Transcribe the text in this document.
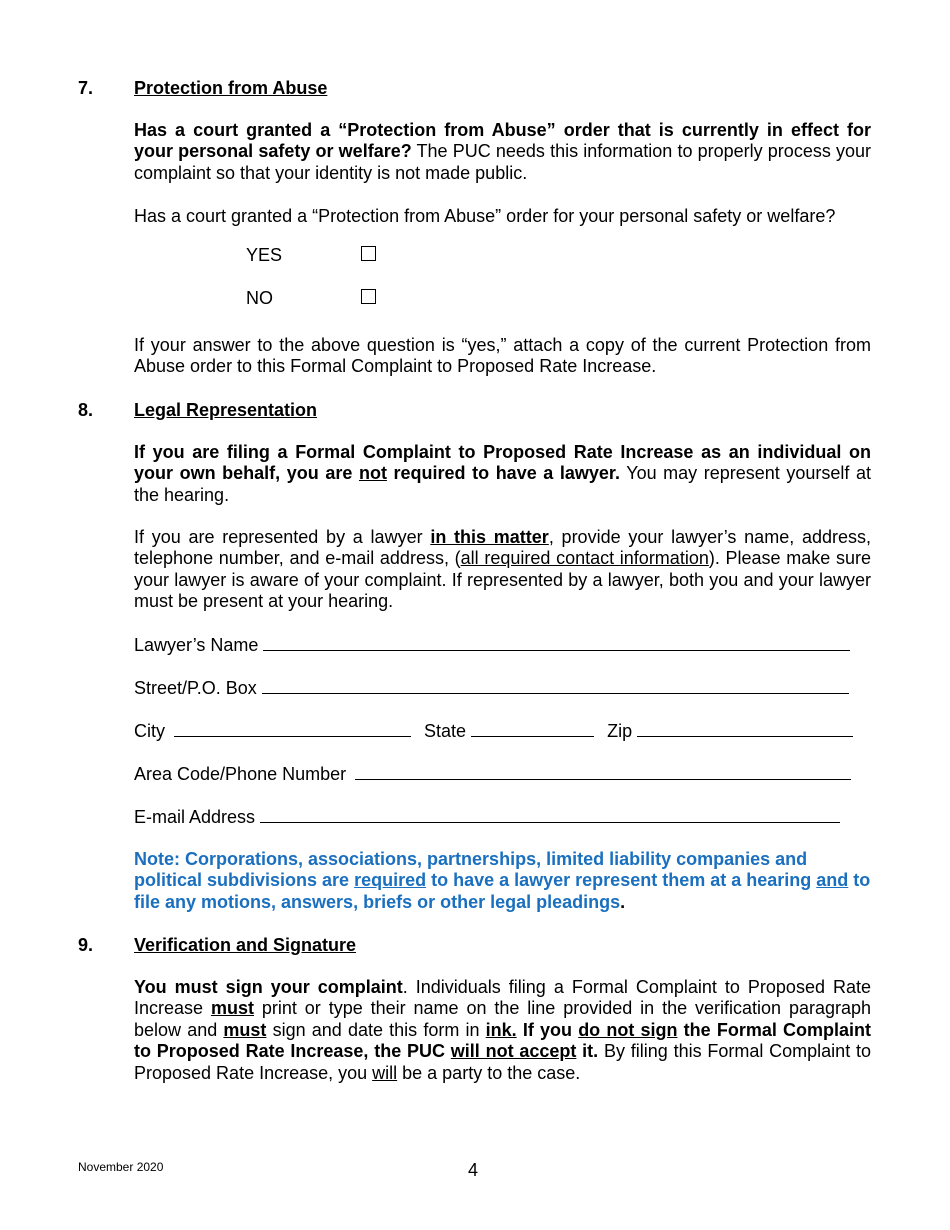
7. Protection from Abuse
Has a court granted a “Protection from Abuse” order that is currently in effect for your personal safety or welfare? The PUC needs this information to properly process your complaint so that your identity is not made public.
Has a court granted a “Protection from Abuse” order for your personal safety or welfare?
YES
NO
If your answer to the above question is “yes,” attach a copy of the current Protection from Abuse order to this Formal Complaint to Proposed Rate Increase.
8. Legal Representation
If you are filing a Formal Complaint to Proposed Rate Increase as an individual on your own behalf, you are not required to have a lawyer. You may represent yourself at the hearing.
If you are represented by a lawyer in this matter, provide your lawyer’s name, address, telephone number, and e-mail address, (all required contact information). Please make sure your lawyer is aware of your complaint. If represented by a lawyer, both you and your lawyer must be present at your hearing.
Lawyer’s Name
Street/P.O. Box
City	State	Zip
Area Code/Phone Number
E-mail Address
Note: Corporations, associations, partnerships, limited liability companies and political subdivisions are required to have a lawyer represent them at a hearing and to file any motions, answers, briefs or other legal pleadings.
9. Verification and Signature
You must sign your complaint. Individuals filing a Formal Complaint to Proposed Rate Increase must print or type their name on the line provided in the verification paragraph below and must sign and date this form in ink. If you do not sign the Formal Complaint to Proposed Rate Increase, the PUC will not accept it. By filing this Formal Complaint to Proposed Rate Increase, you will be a party to the case.
November 2020	4
